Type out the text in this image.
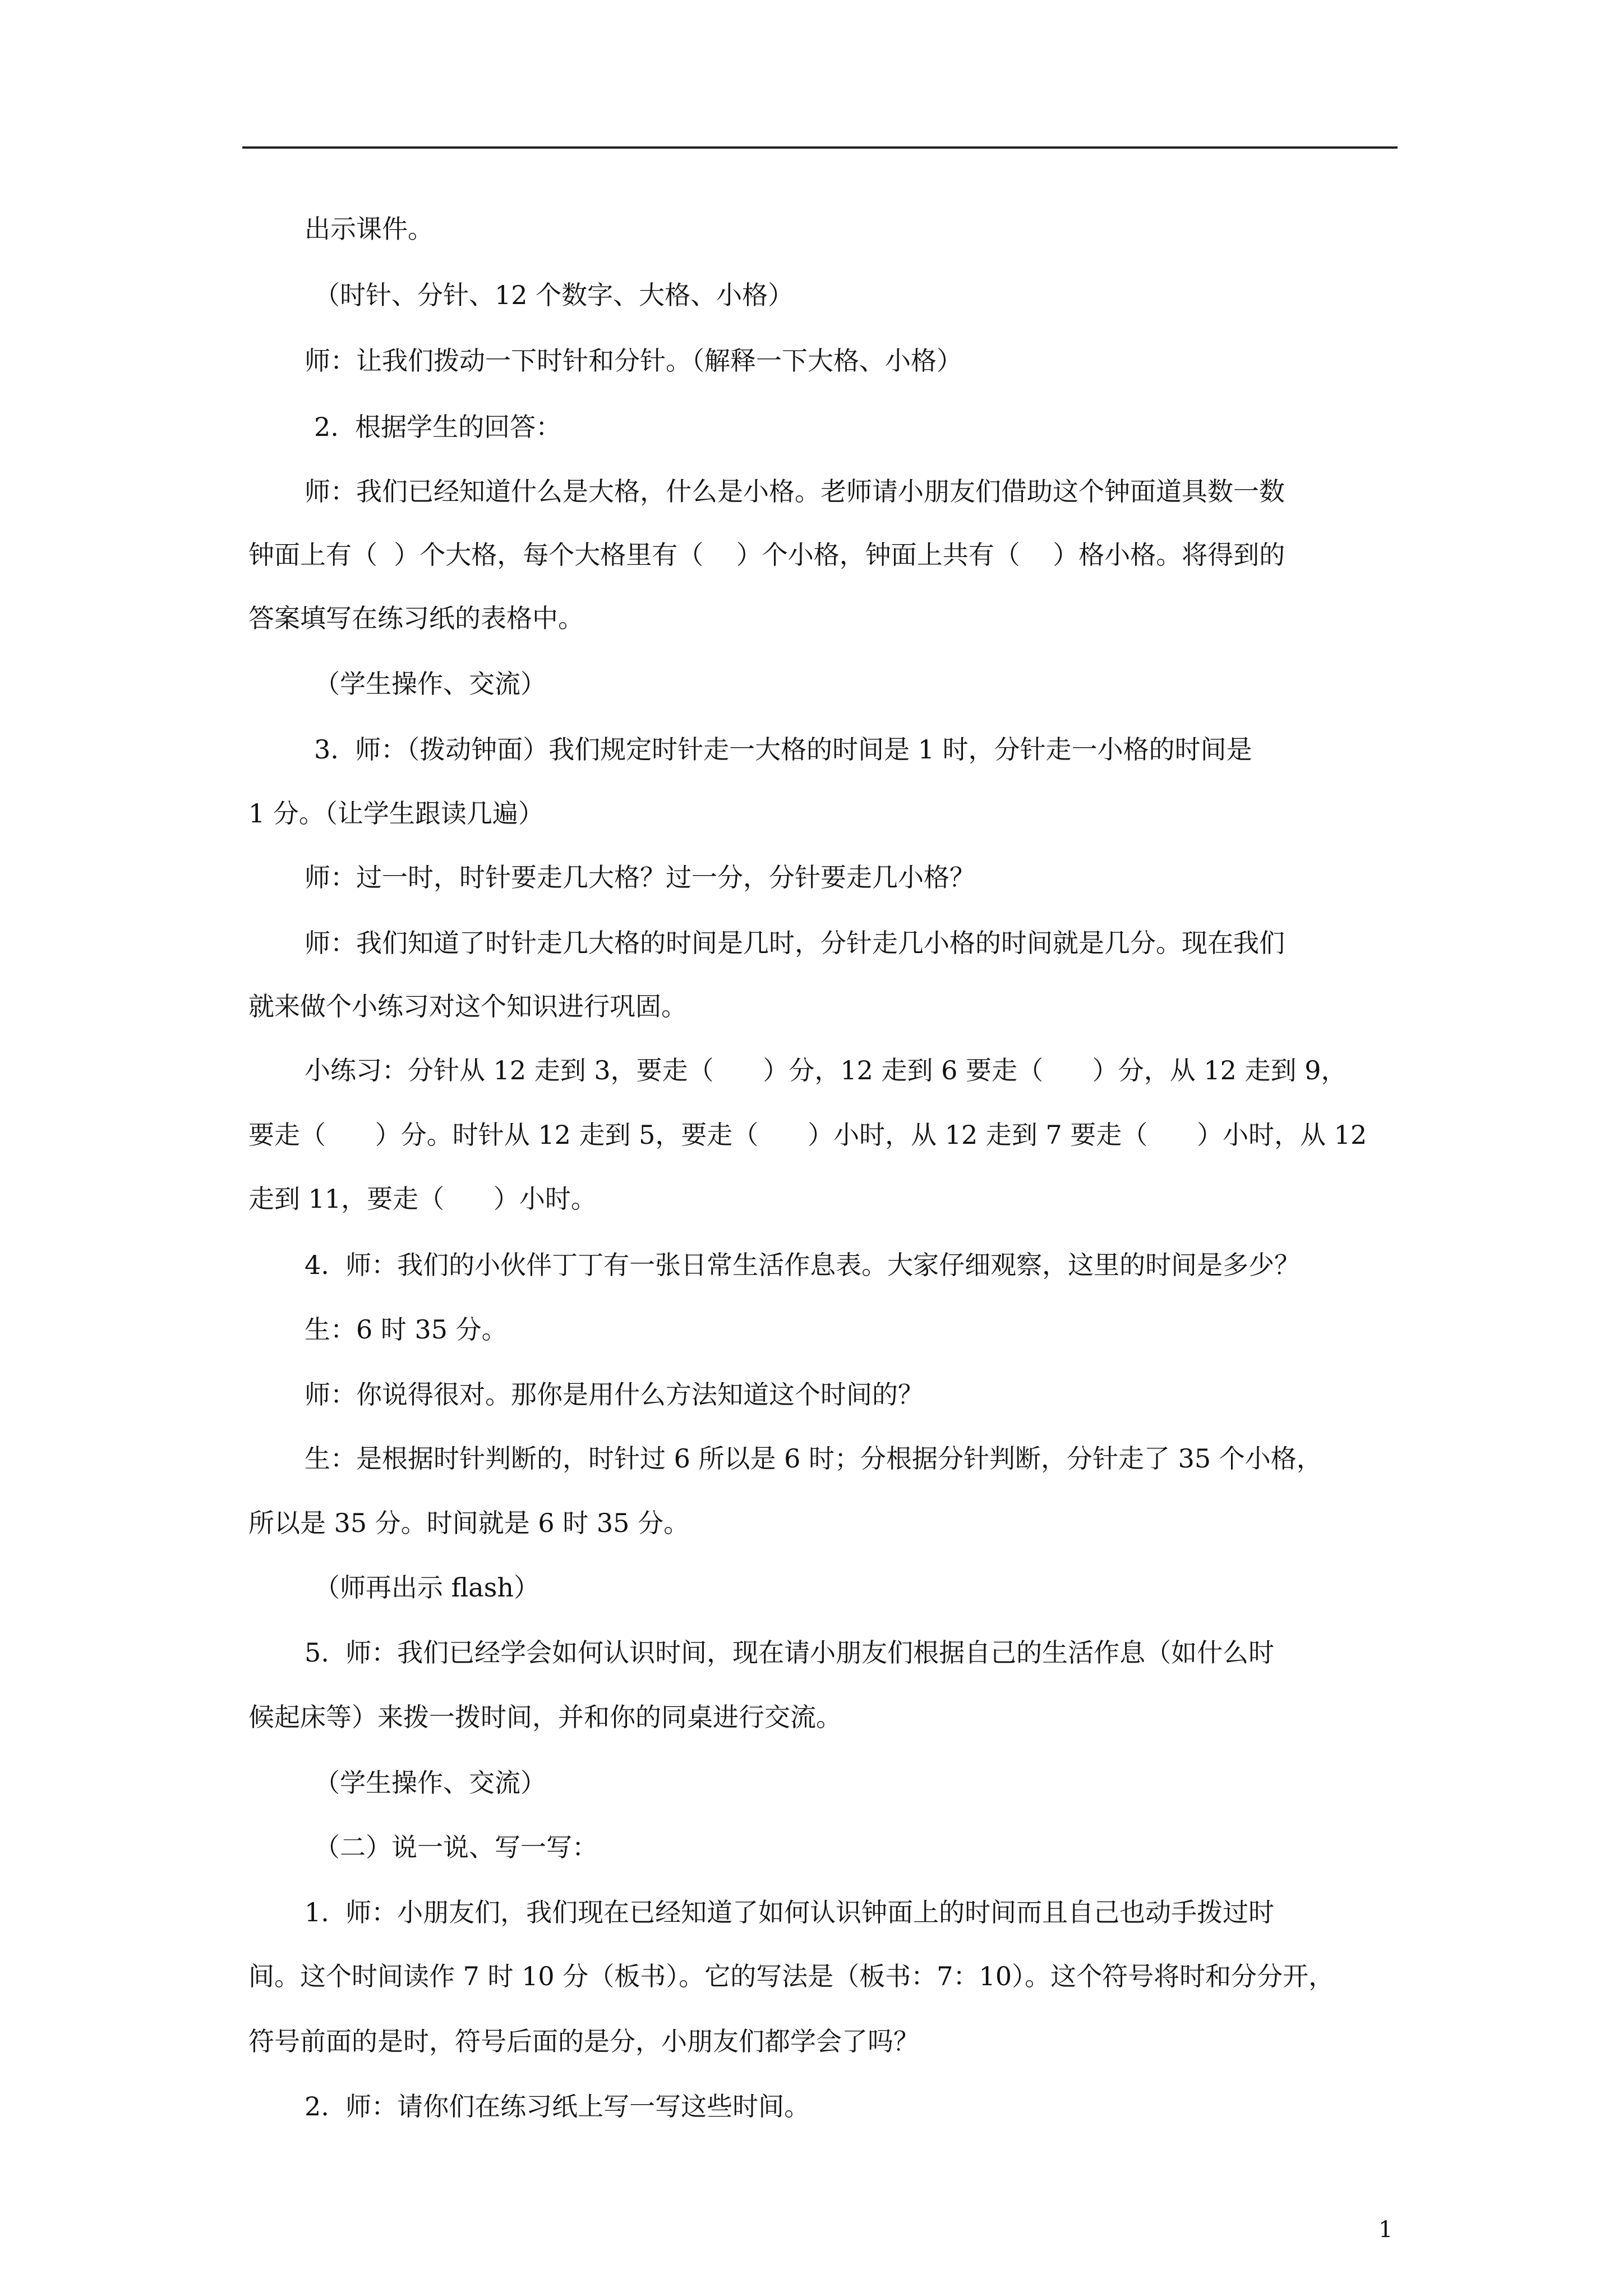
出示课件。
（时针、分针、12 个数字、大格、小格）
师：让我们拨动一下时针和分针。（解释一下大格、小格）
2.  根据学生的回答：
师：我们已经知道什么是大格，什么是小格。老师请小朋友们借助这个钟面道具数一数
钟面上有（  ）个大格，每个大格里有（    ）个小格，钟面上共有（    ）格小格。将得到的
答案填写在练习纸的表格中。
（学生操作、交流）
3.  师：（拨动钟面）我们规定时针走一大格的时间是 1 时，分针走一小格的时间是
1 分。（让学生跟读几遍）
师：过一时，时针要走几大格？过一分，分针要走几小格？
师：我们知道了时针走几大格的时间是几时，分针走几小格的时间就是几分。现在我们
就来做个小练习对这个知识进行巩固。
小练习：分针从 12 走到 3，要走（      ）分，12 走到 6 要走（      ）分，从 12 走到 9，
要走（      ）分。时针从 12 走到 5，要走（      ）小时，从 12 走到 7 要走（      ）小时，从 12
走到 11，要走（      ）小时。
4.  师：我们的小伙伴丁丁有一张日常生活作息表。大家仔细观察，这里的时间是多少？
生：6 时 35 分。
师：你说得很对。那你是用什么方法知道这个时间的？
生：是根据时针判断的，时针过 6 所以是 6 时；分根据分针判断，分针走了 35 个小格，
所以是 35 分。时间就是 6 时 35 分。
（师再出示 flash）
5.  师：我们已经学会如何认识时间，现在请小朋友们根据自己的生活作息（如什么时
候起床等）来拨一拨时间，并和你的同桌进行交流。
（学生操作、交流）
（二）说一说、写一写：
1.  师：小朋友们，我们现在已经知道了如何认识钟面上的时间而且自己也动手拨过时
间。这个时间读作 7 时 10 分（板书）。它的写法是（板书：7：10）。这个符号将时和分分开，
符号前面的是时，符号后面的是分，小朋友们都学会了吗？
2.  师：请你们在练习纸上写一写这些时间。
1
